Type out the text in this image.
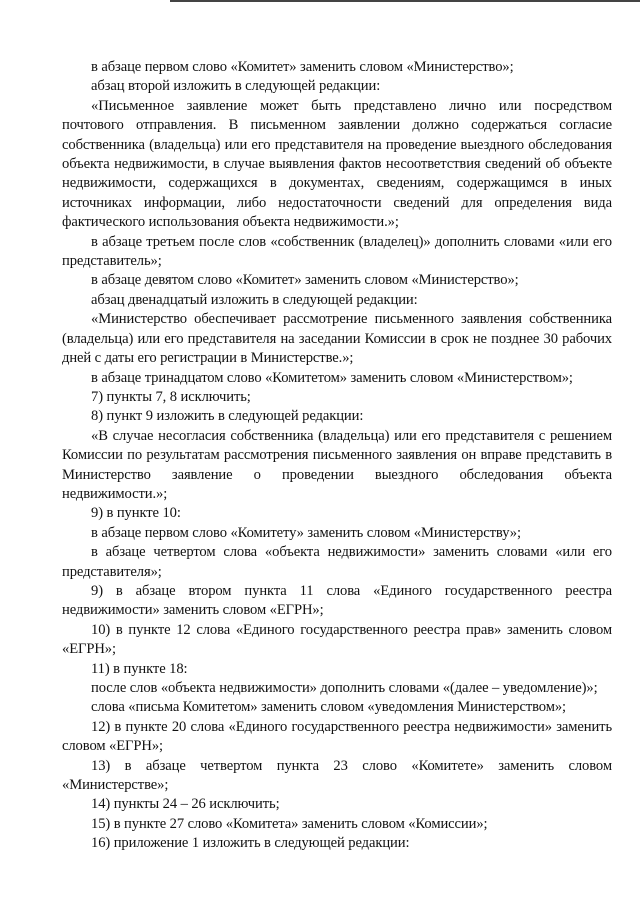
в абзаце первом слово «Комитет» заменить словом «Министерство»;

абзац второй изложить в следующей редакции:

«Письменное заявление может быть представлено лично или посредством почтового отправления. В письменном заявлении должно содержаться согласие собственника (владельца) или его представителя на проведение выездного обследования объекта недвижимости, в случае выявления фактов несоответствия сведений об объекте недвижимости, содержащихся в документах, сведениям, содержащимся в иных источниках информации, либо недостаточности сведений для определения вида фактического использования объекта недвижимости.»;

в абзаце третьем после слов «собственник (владелец)» дополнить словами «или его представитель»;

в абзаце девятом слово «Комитет» заменить словом «Министерство»;

абзац двенадцатый изложить в следующей редакции:

«Министерство обеспечивает рассмотрение письменного заявления собственника (владельца) или его представителя на заседании Комиссии в срок не позднее 30 рабочих дней с даты его регистрации в Министерстве.»;

в абзаце тринадцатом слово «Комитетом» заменить словом «Министерством»;

7) пункты 7, 8 исключить;

8) пункт 9 изложить в следующей редакции:

«В случае несогласия собственника (владельца) или его представителя с решением Комиссии по результатам рассмотрения письменного заявления он вправе представить в Министерство заявление о проведении выездного обследования объекта недвижимости.»;

9) в пункте 10:

в абзаце первом слово «Комитету» заменить словом «Министерству»;

в абзаце четвертом слова «объекта недвижимости» заменить словами «или его представителя»;

9) в абзаце втором пункта 11 слова «Единого государственного реестра недвижимости» заменить словом «ЕГРН»;

10) в пункте 12 слова «Единого государственного реестра прав» заменить словом «ЕГРН»;

11) в пункте 18:

после слов «объекта недвижимости» дополнить словами «(далее – уведомление)»;

слова «письма Комитетом» заменить словом «уведомления Министерством»;

12) в пункте 20 слова «Единого государственного реестра недвижимости» заменить словом «ЕГРН»;

13) в абзаце четвертом пункта 23 слово «Комитете» заменить словом «Министерстве»;

14) пункты 24 – 26 исключить;

15) в пункте 27 слово «Комитета» заменить словом «Комиссии»;

16) приложение 1 изложить в следующей редакции:
